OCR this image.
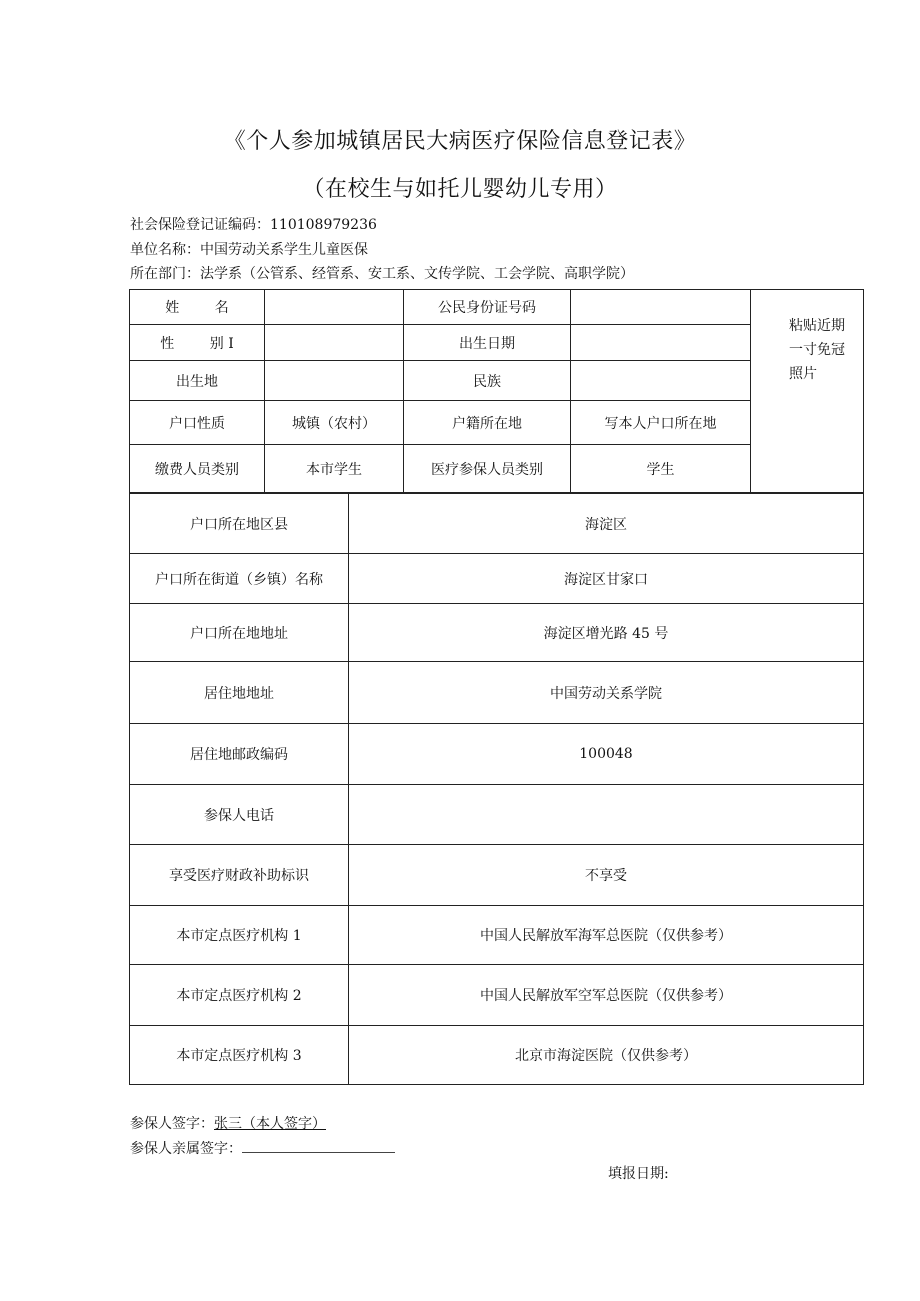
《个人参加城镇居民大病医疗保险信息登记表》
（在校生与如托儿婴幼儿专用）
社会保险登记证编码：110108979236
单位名称：中国劳动关系学生儿童医保
所在部门：法学系（公管系、经管系、安工系、文传学院、工会学院、高职学院）
姓        名		公民身份证号码		粘贴近期一寸免冠照片

性        别 I		出生日期		
出生地		民族		
户口性质	城镇（农村）	户籍所在地	写本人户口所在地	
缴费人员类别	本市学生	医疗参保人员类别	学生	
户口所在地区县	海淀区
户口所在街道（乡镇）名称	海淀区甘家口
户口所在地地址	海淀区增光路 45 号
居住地地址	中国劳动关系学院
居住地邮政编码	100048
参保人电话	
享受医疗财政补助标识	不享受
本市定点医疗机构 1	中国人民解放军海军总医院（仅供参考）
本市定点医疗机构 2	中国人民解放军空军总医院（仅供参考）
本市定点医疗机构 3	北京市海淀医院（仅供参考）
参保人签字：张三（本人签字）
参保人亲属签字：
填报日期:
